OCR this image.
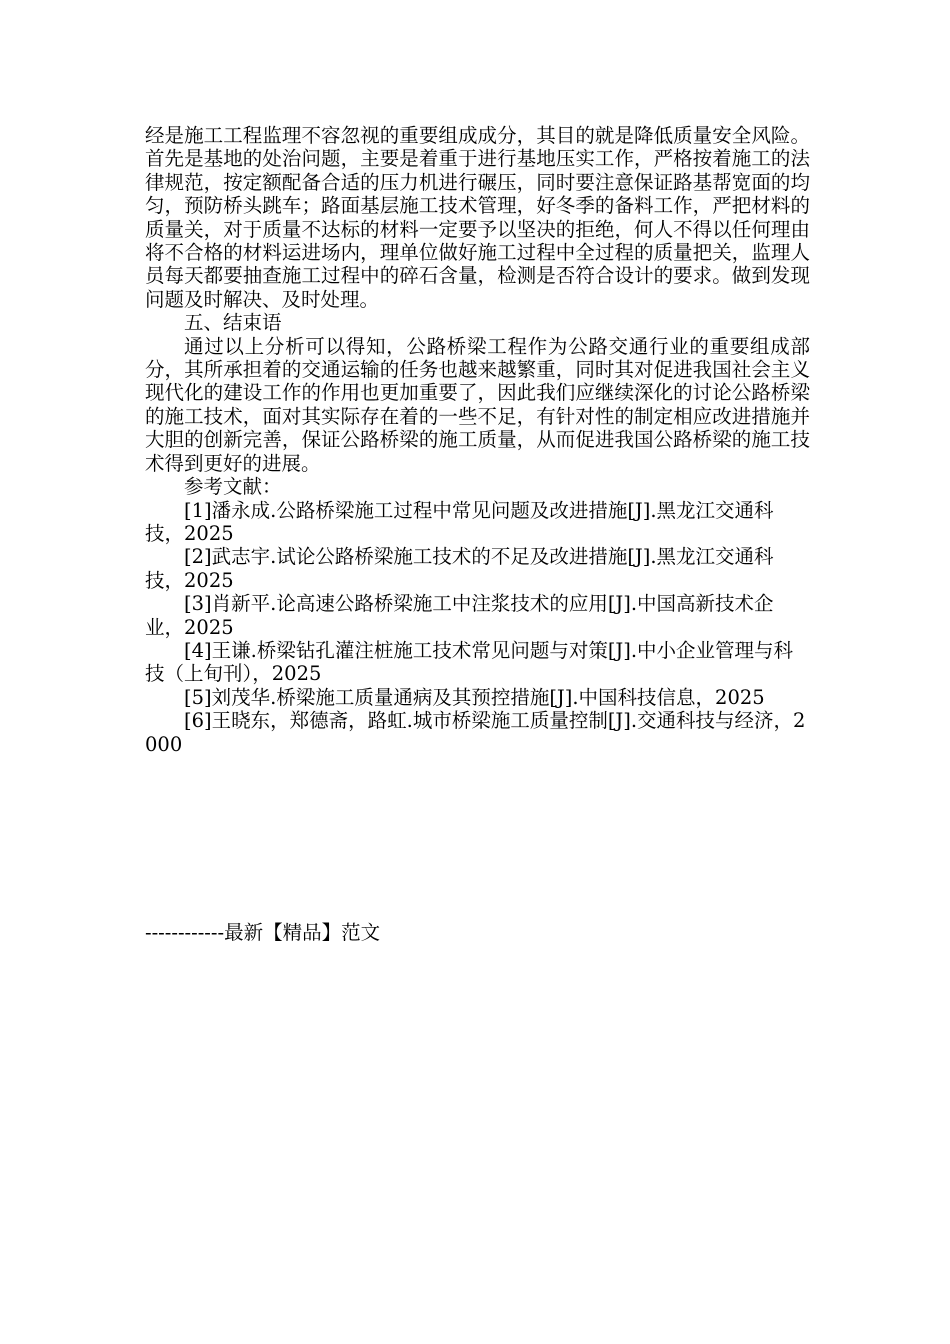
经是施工工程监理不容忽视的重要组成成分，其目的就是降低质量安全风险。首先是基地的处治问题，主要是着重于进行基地压实工作，严格按着施工的法律规范，按定额配备合适的压力机进行碾压，同时要注意保证路基帮宽面的均匀，预防桥头跳车；路面基层施工技术管理，好冬季的备料工作，严把材料的质量关，对于质量不达标的材料一定要予以坚决的拒绝，何人不得以任何理由将不合格的材料运进场内，理单位做好施工过程中全过程的质量把关，监理人员每天都要抽查施工过程中的碎石含量，检测是否符合设计的要求。做到发现问题及时解决、及时处理。

五、结束语

通过以上分析可以得知，公路桥梁工程作为公路交通行业的重要组成部分，其所承担着的交通运输的任务也越来越繁重，同时其对促进我国社会主义现代化的建设工作的作用也更加重要了，因此我们应继续深化的讨论公路桥梁的施工技术，面对其实际存在着的一些不足，有针对性的制定相应改进措施并大胆的创新完善，保证公路桥梁的施工质量，从而促进我国公路桥梁的施工技术得到更好的进展。

参考文献：

[1]潘永成.公路桥梁施工过程中常见问题及改进措施[J].黑龙江交通科技，2025

[2]武志宇.试论公路桥梁施工技术的不足及改进措施[J].黑龙江交通科技，2025

[3]肖新平.论高速公路桥梁施工中注浆技术的应用[J].中国高新技术企业，2025

[4]王谦.桥梁钻孔灌注桩施工技术常见问题与对策[J].中小企业管理与科技（上旬刊），2025

[5]刘茂华.桥梁施工质量通病及其预控措施[J].中国科技信息，2025

[6]王晓东，郑德斋，路虹.城市桥梁施工质量控制[J].交通科技与经济，2000

------------最新【精品】范文
